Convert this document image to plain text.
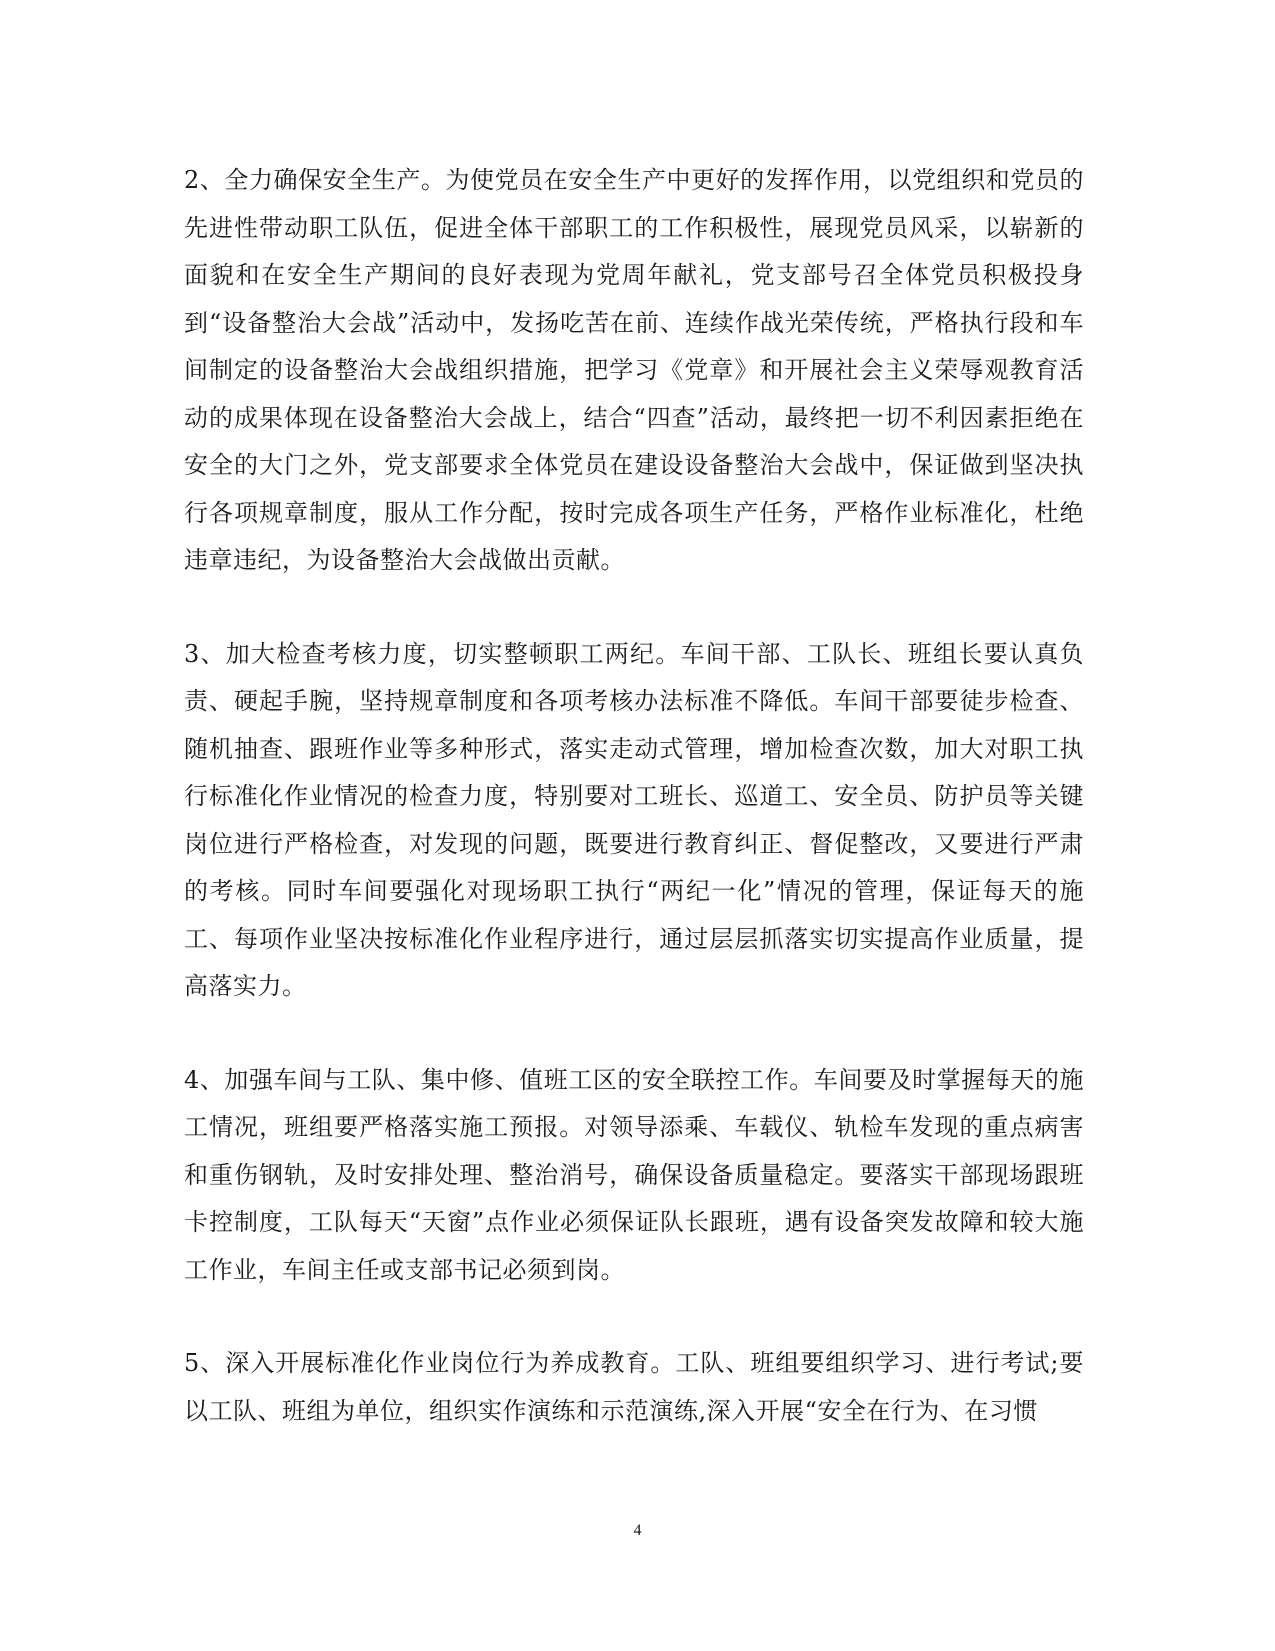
2、全力确保安全生产。为使党员在安全生产中更好的发挥作用，以党组织和党员的先进性带动职工队伍，促进全体干部职工的工作积极性，展现党员风采，以崭新的面貌和在安全生产期间的良好表现为党周年献礼，党支部号召全体党员积极投身到“设备整治大会战”活动中，发扬吃苦在前、连续作战光荣传统，严格执行段和车间制定的设备整治大会战组织措施，把学习《党章》和开展社会主义荣辱观教育活动的成果体现在设备整治大会战上，结合“四查”活动，最终把一切不利因素拒绝在安全的大门之外，党支部要求全体党员在建设设备整治大会战中，保证做到坚决执行各项规章制度，服从工作分配，按时完成各项生产任务，严格作业标准化，杜绝违章违纪，为设备整治大会战做出贡献。

3、加大检查考核力度，切实整顿职工两纪。车间干部、工队长、班组长要认真负责、硬起手腕，坚持规章制度和各项考核办法标准不降低。车间干部要徒步检查、随机抽查、跟班作业等多种形式，落实走动式管理，增加检查次数，加大对职工执行标准化作业情况的检查力度，特别要对工班长、巡道工、安全员、防护员等关键岗位进行严格检查，对发现的问题，既要进行教育纠正、督促整改，又要进行严肃的考核。同时车间要强化对现场职工执行“两纪一化”情况的管理，保证每天的施工、每项作业坚决按标准化作业程序进行，通过层层抓落实切实提高作业质量，提高落实力。

4、加强车间与工队、集中修、值班工区的安全联控工作。车间要及时掌握每天的施工情况，班组要严格落实施工预报。对领导添乘、车载仪、轨检车发现的重点病害和重伤钢轨，及时安排处理、整治消号，确保设备质量稳定。要落实干部现场跟班卡控制度，工队每天“天窗”点作业必须保证队长跟班，遇有设备突发故障和较大施工作业，车间主任或支部书记必须到岗。

5、深入开展标准化作业岗位行为养成教育。工队、班组要组织学习、进行考试;要以工队、班组为单位，组织实作演练和示范演练,深入开展“安全在行为、在习惯

4
